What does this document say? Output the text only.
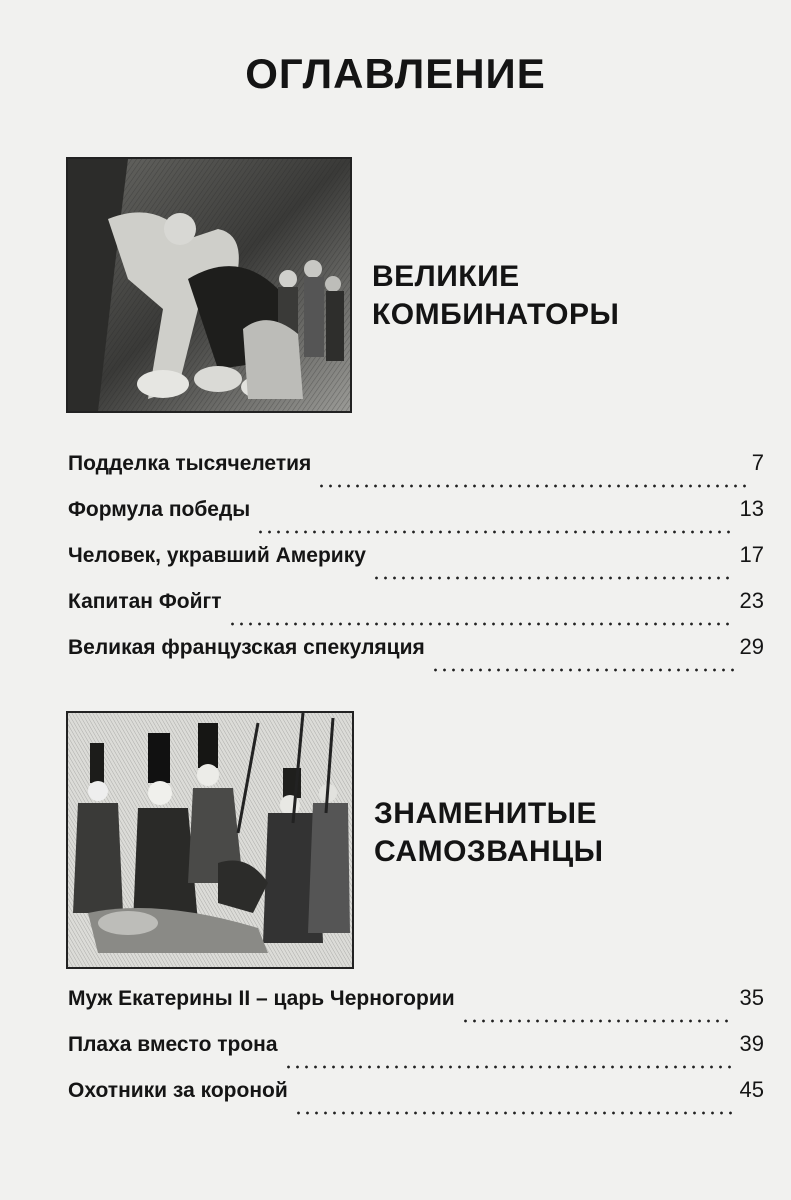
ОГЛАВЛЕНИЕ
ВЕЛИКИЕ
КОМБИНАТОРЫ
Подделка тысячелетия	7
Формула победы	13
Человек, укравший Америку	17
Капитан Фойгт	23
Великая французская спекуляция	29
ЗНАМЕНИТЫЕ
САМОЗВАНЦЫ
Муж Екатерины II – царь Черногории	35
Плаха вместо трона	39
Охотники за короной	45
